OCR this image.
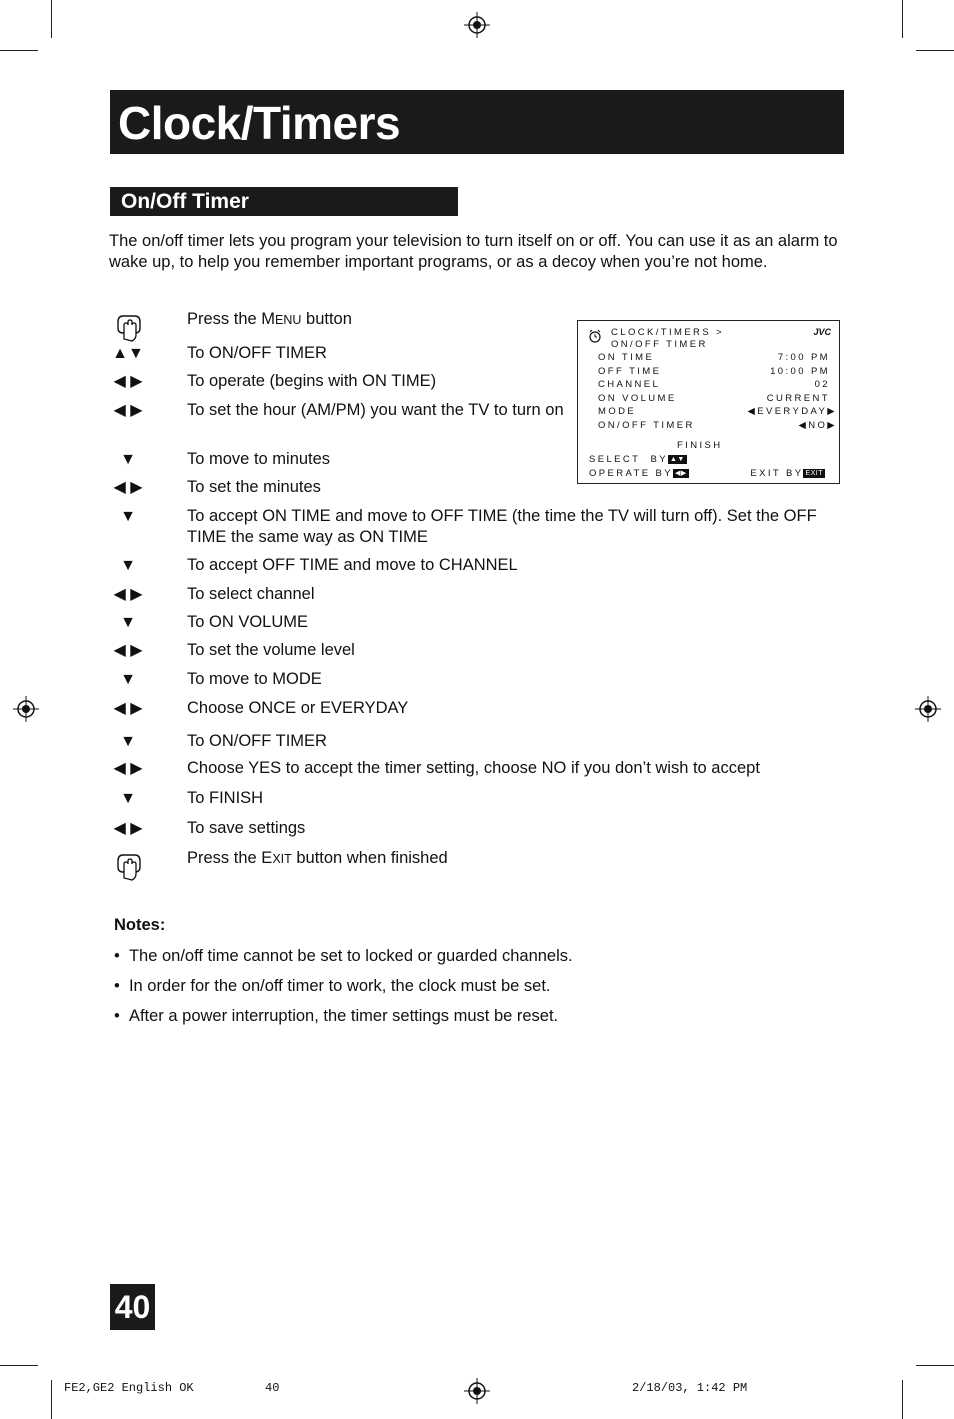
Clock/Timers
On/Off Timer
The on/off timer lets you program your television to turn itself on or off. You can use it as an alarm to wake up, to help you remember important programs, or as a decoy when you’re not home.
Press the MENU button
▲▼	To ON/OFF TIMER
◀ ▶	To operate (begins with ON TIME)
◀ ▶	To set the hour (AM/PM) you want the TV to turn on
▼	To move to minutes
◀ ▶	To set the minutes
▼	To accept ON TIME and move to OFF TIME (the time the TV will turn off). Set the OFF TIME the same way as ON TIME
▼	To accept OFF TIME and move to CHANNEL
◀ ▶	To select channel
▼	To ON VOLUME
◀ ▶	To set the volume level
▼	To move to MODE
◀ ▶	Choose ONCE or EVERYDAY
▼	To ON/OFF TIMER
◀ ▶	Choose YES to accept the timer setting, choose NO if you don’t wish to accept
▼	To FINISH
◀ ▶	To save settings
Press the EXIT button when finished
CLOCK/TIMERS >
ON/OFF TIMER
JVC
ON TIME	7:00 PM
OFF TIME	10:00 PM
CHANNEL	02
ON VOLUME	CURRENT
MODE	◀EVERYDAY▶
ON/OFF TIMER	◀NO▶
FINISH
SELECT BY ▲▼
OPERATE BY ◀▶	EXIT BY EXIT
Notes:
•  The on/off time cannot be set to locked or guarded channels.
•  In order for the on/off timer to work, the clock must be set.
•  After a power interruption, the timer settings must be reset.
40
FE2,GE2 English OK	40	2/18/03, 1:42 PM
